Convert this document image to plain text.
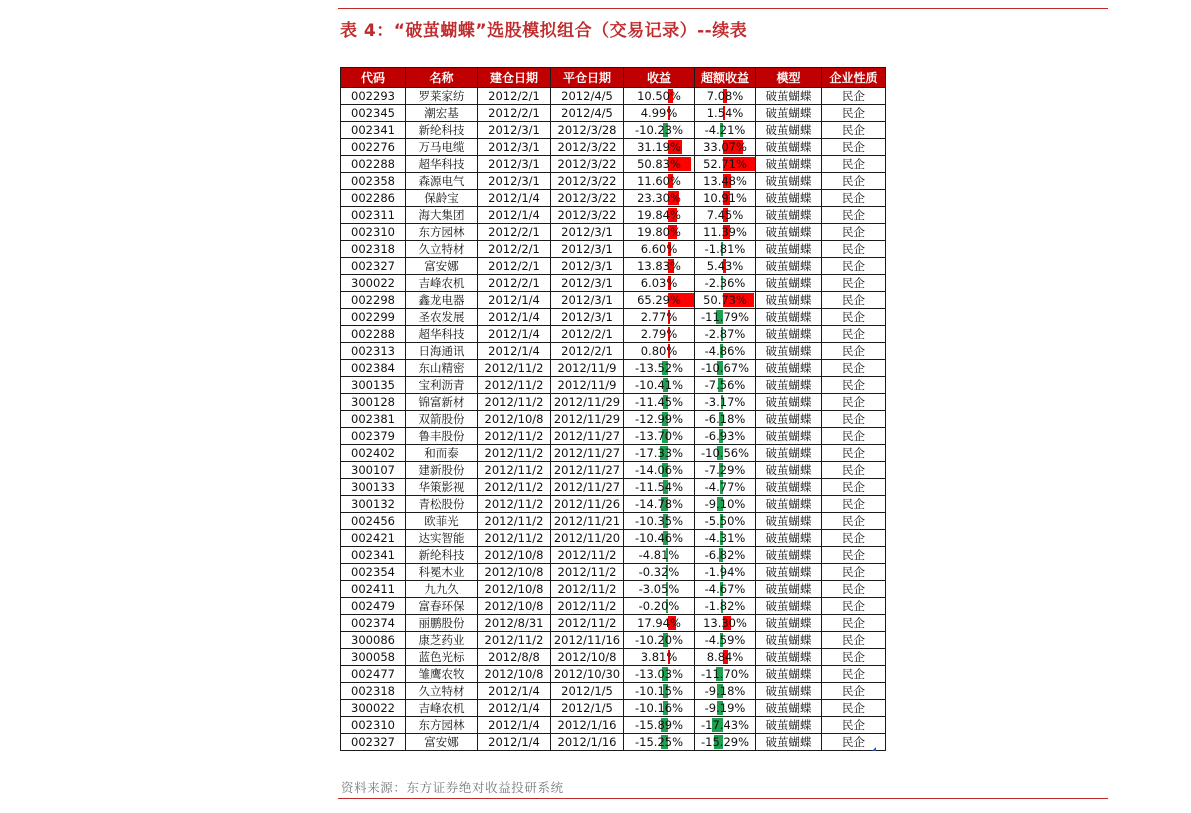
表 4：“破茧蝴蝶”选股模拟组合（交易记录）--续表
代码	名称	建仓日期	平仓日期	收益	超额收益	模型	企业性质
002293	罗莱家纺	2012/2/1	2012/4/5	10.50%	7.08%	破茧蝴蝶	民企
002345	潮宏基	2012/2/1	2012/4/5	4.99%	1.54%	破茧蝴蝶	民企
002341	新纶科技	2012/3/1	2012/3/28	-10.23%	-4.21%	破茧蝴蝶	民企
002276	万马电缆	2012/3/1	2012/3/22	31.19%	33.07%	破茧蝴蝶	民企
002288	超华科技	2012/3/1	2012/3/22	50.83%	52.71%	破茧蝴蝶	民企
002358	森源电气	2012/3/1	2012/3/22	11.60%	13.48%	破茧蝴蝶	民企
002286	保龄宝	2012/1/4	2012/3/22	23.30%	10.91%	破茧蝴蝶	民企
002311	海大集团	2012/1/4	2012/3/22	19.84%	7.45%	破茧蝴蝶	民企
002310	东方园林	2012/2/1	2012/3/1	19.80%	11.39%	破茧蝴蝶	民企
002318	久立特材	2012/2/1	2012/3/1	6.60%	-1.81%	破茧蝴蝶	民企
002327	富安娜	2012/2/1	2012/3/1	13.83%	5.43%	破茧蝴蝶	民企
300022	吉峰农机	2012/2/1	2012/3/1	6.03%	-2.36%	破茧蝴蝶	民企
002298	鑫龙电器	2012/1/4	2012/3/1	65.29%	50.73%	破茧蝴蝶	民企
002299	圣农发展	2012/1/4	2012/3/1	2.77%	-11.79%	破茧蝴蝶	民企
002288	超华科技	2012/1/4	2012/2/1	2.79%	-2.87%	破茧蝴蝶	民企
002313	日海通讯	2012/1/4	2012/2/1	0.80%	-4.86%	破茧蝴蝶	民企
002384	东山精密	2012/11/2	2012/11/9	-13.52%	-10.67%	破茧蝴蝶	民企
300135	宝利沥青	2012/11/2	2012/11/9	-10.41%	-7.56%	破茧蝴蝶	民企
300128	锦富新材	2012/11/2	2012/11/29	-11.45%	-3.17%	破茧蝴蝶	民企
002381	双箭股份	2012/10/8	2012/11/29	-12.99%	-6.18%	破茧蝴蝶	民企
002379	鲁丰股份	2012/11/2	2012/11/27	-13.70%	-6.93%	破茧蝴蝶	民企
002402	和而泰	2012/11/2	2012/11/27	-17.33%	-10.56%	破茧蝴蝶	民企
300107	建新股份	2012/11/2	2012/11/27	-14.06%	-7.29%	破茧蝴蝶	民企
300133	华策影视	2012/11/2	2012/11/27	-11.54%	-4.77%	破茧蝴蝶	民企
300132	青松股份	2012/11/2	2012/11/26	-14.78%	-9.10%	破茧蝴蝶	民企
002456	欧菲光	2012/11/2	2012/11/21	-10.35%	-5.50%	破茧蝴蝶	民企
002421	达实智能	2012/11/2	2012/11/20	-10.46%	-4.31%	破茧蝴蝶	民企
002341	新纶科技	2012/10/8	2012/11/2	-4.81%	-6.82%	破茧蝴蝶	民企
002354	科冕木业	2012/10/8	2012/11/2	-0.32%	-1.94%	破茧蝴蝶	民企
002411	九九久	2012/10/8	2012/11/2	-3.05%	-4.67%	破茧蝴蝶	民企
002479	富春环保	2012/10/8	2012/11/2	-0.20%	-1.82%	破茧蝴蝶	民企
002374	丽鹏股份	2012/8/31	2012/11/2	17.94%	13.30%	破茧蝴蝶	民企
300086	康芝药业	2012/11/2	2012/11/16	-10.20%	-4.59%	破茧蝴蝶	民企
300058	蓝色光标	2012/8/8	2012/10/8	3.81%	8.84%	破茧蝴蝶	民企
002477	雏鹰农牧	2012/10/8	2012/10/30	-13.03%	-11.70%	破茧蝴蝶	民企
002318	久立特材	2012/1/4	2012/1/5	-10.15%	-9.18%	破茧蝴蝶	民企
300022	吉峰农机	2012/1/4	2012/1/5	-10.16%	-9.19%	破茧蝴蝶	民企
002310	东方园林	2012/1/4	2012/1/16	-15.89%	-17.43%	破茧蝴蝶	民企
002327	富安娜	2012/1/4	2012/1/16	-15.25%	-15.29%	破茧蝴蝶	民企
资料来源：东方证券绝对收益投研系统
